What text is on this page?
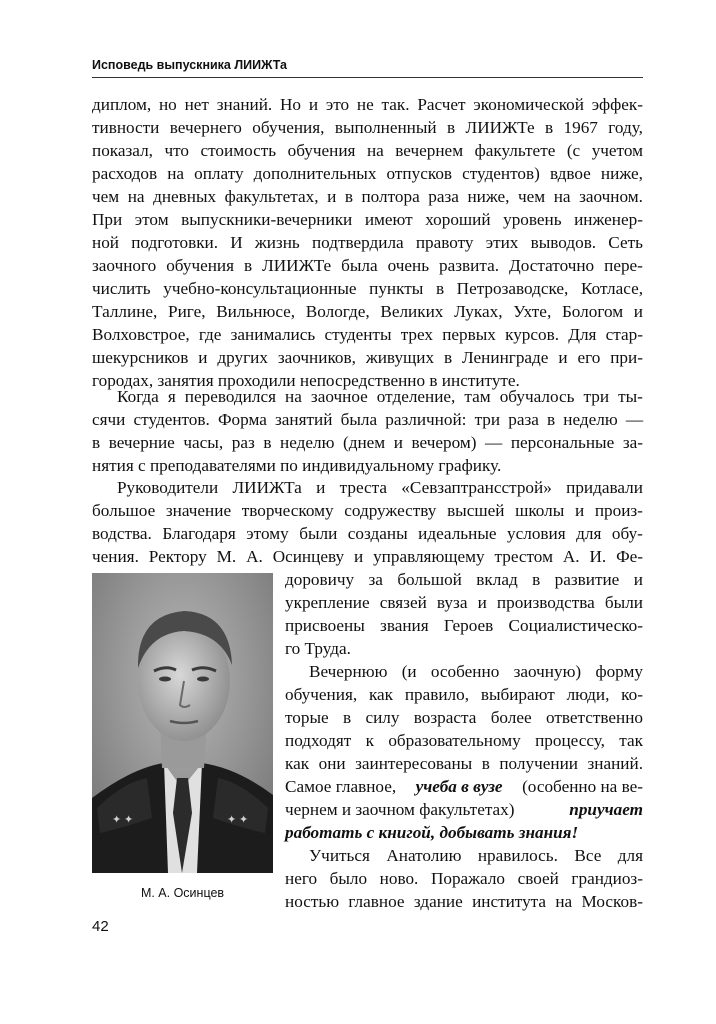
Исповедь выпускника ЛИИЖТа
диплом, но нет знаний. Но и это не так. Расчет экономической эффек-
тивности вечернего обучения, выполненный в ЛИИЖТе в 1967 году,
показал, что стоимость обучения на вечернем факультете (с учетом
расходов на оплату дополнительных отпусков студентов) вдвое ниже,
чем на дневных факультетах, и в полтора раза ниже, чем на заочном.
При этом выпускники-вечерники имеют хороший уровень инженер-
ной подготовки. И жизнь подтвердила правоту этих выводов. Сеть
заочного обучения в ЛИИЖТе была очень развита. Достаточно пере-
числить учебно-консультационные пункты в Петрозаводске, Котласе,
Таллине, Риге, Вильнюсе, Вологде, Великих Луках, Ухте, Бологом и
Волховстрое, где занимались студенты трех первых курсов. Для стар-
шекурсников и других заочников, живущих в Ленинграде и его при-
городах, занятия проходили непосредственно в институте.
Когда я переводился на заочное отделение, там обучалось три ты-
сячи студентов. Форма занятий была различной: три раза в неделю —
в вечерние часы, раз в неделю (днем и вечером) — персональные за-
нятия с преподавателями по индивидуальному графику.
Руководители ЛИИЖТа и треста «Севзаптрансстрой» придавали
большое значение творческому содружеству высшей школы и произ-
водства. Благодаря этому были созданы идеальные условия для обу-
чения. Ректору М. А. Осинцеву и управляющему трестом А. И. Фе-
доровичу за большой вклад в развитие и
укрепление связей вуза и производства были
присвоены звания Героев Социалистическо-
го Труда.
Вечернюю (и особенно заочную) форму
обучения, как правило, выбирают люди, ко-
торые в силу возраста более ответственно
подходят к образовательному процессу, так
как они заинтересованы в получении знаний.
Самое главное, учеба в вузе (особенно на ве-
чернем и заочном факультетах)	приучает
работать с книгой, добывать знания!
Учиться Анатолию нравилось. Все для
него было ново. Поражало своей грандиоз-
ностью главное здание института на Москов-
✦ ✦	✦ ✦
М. А. Осинцев
42
